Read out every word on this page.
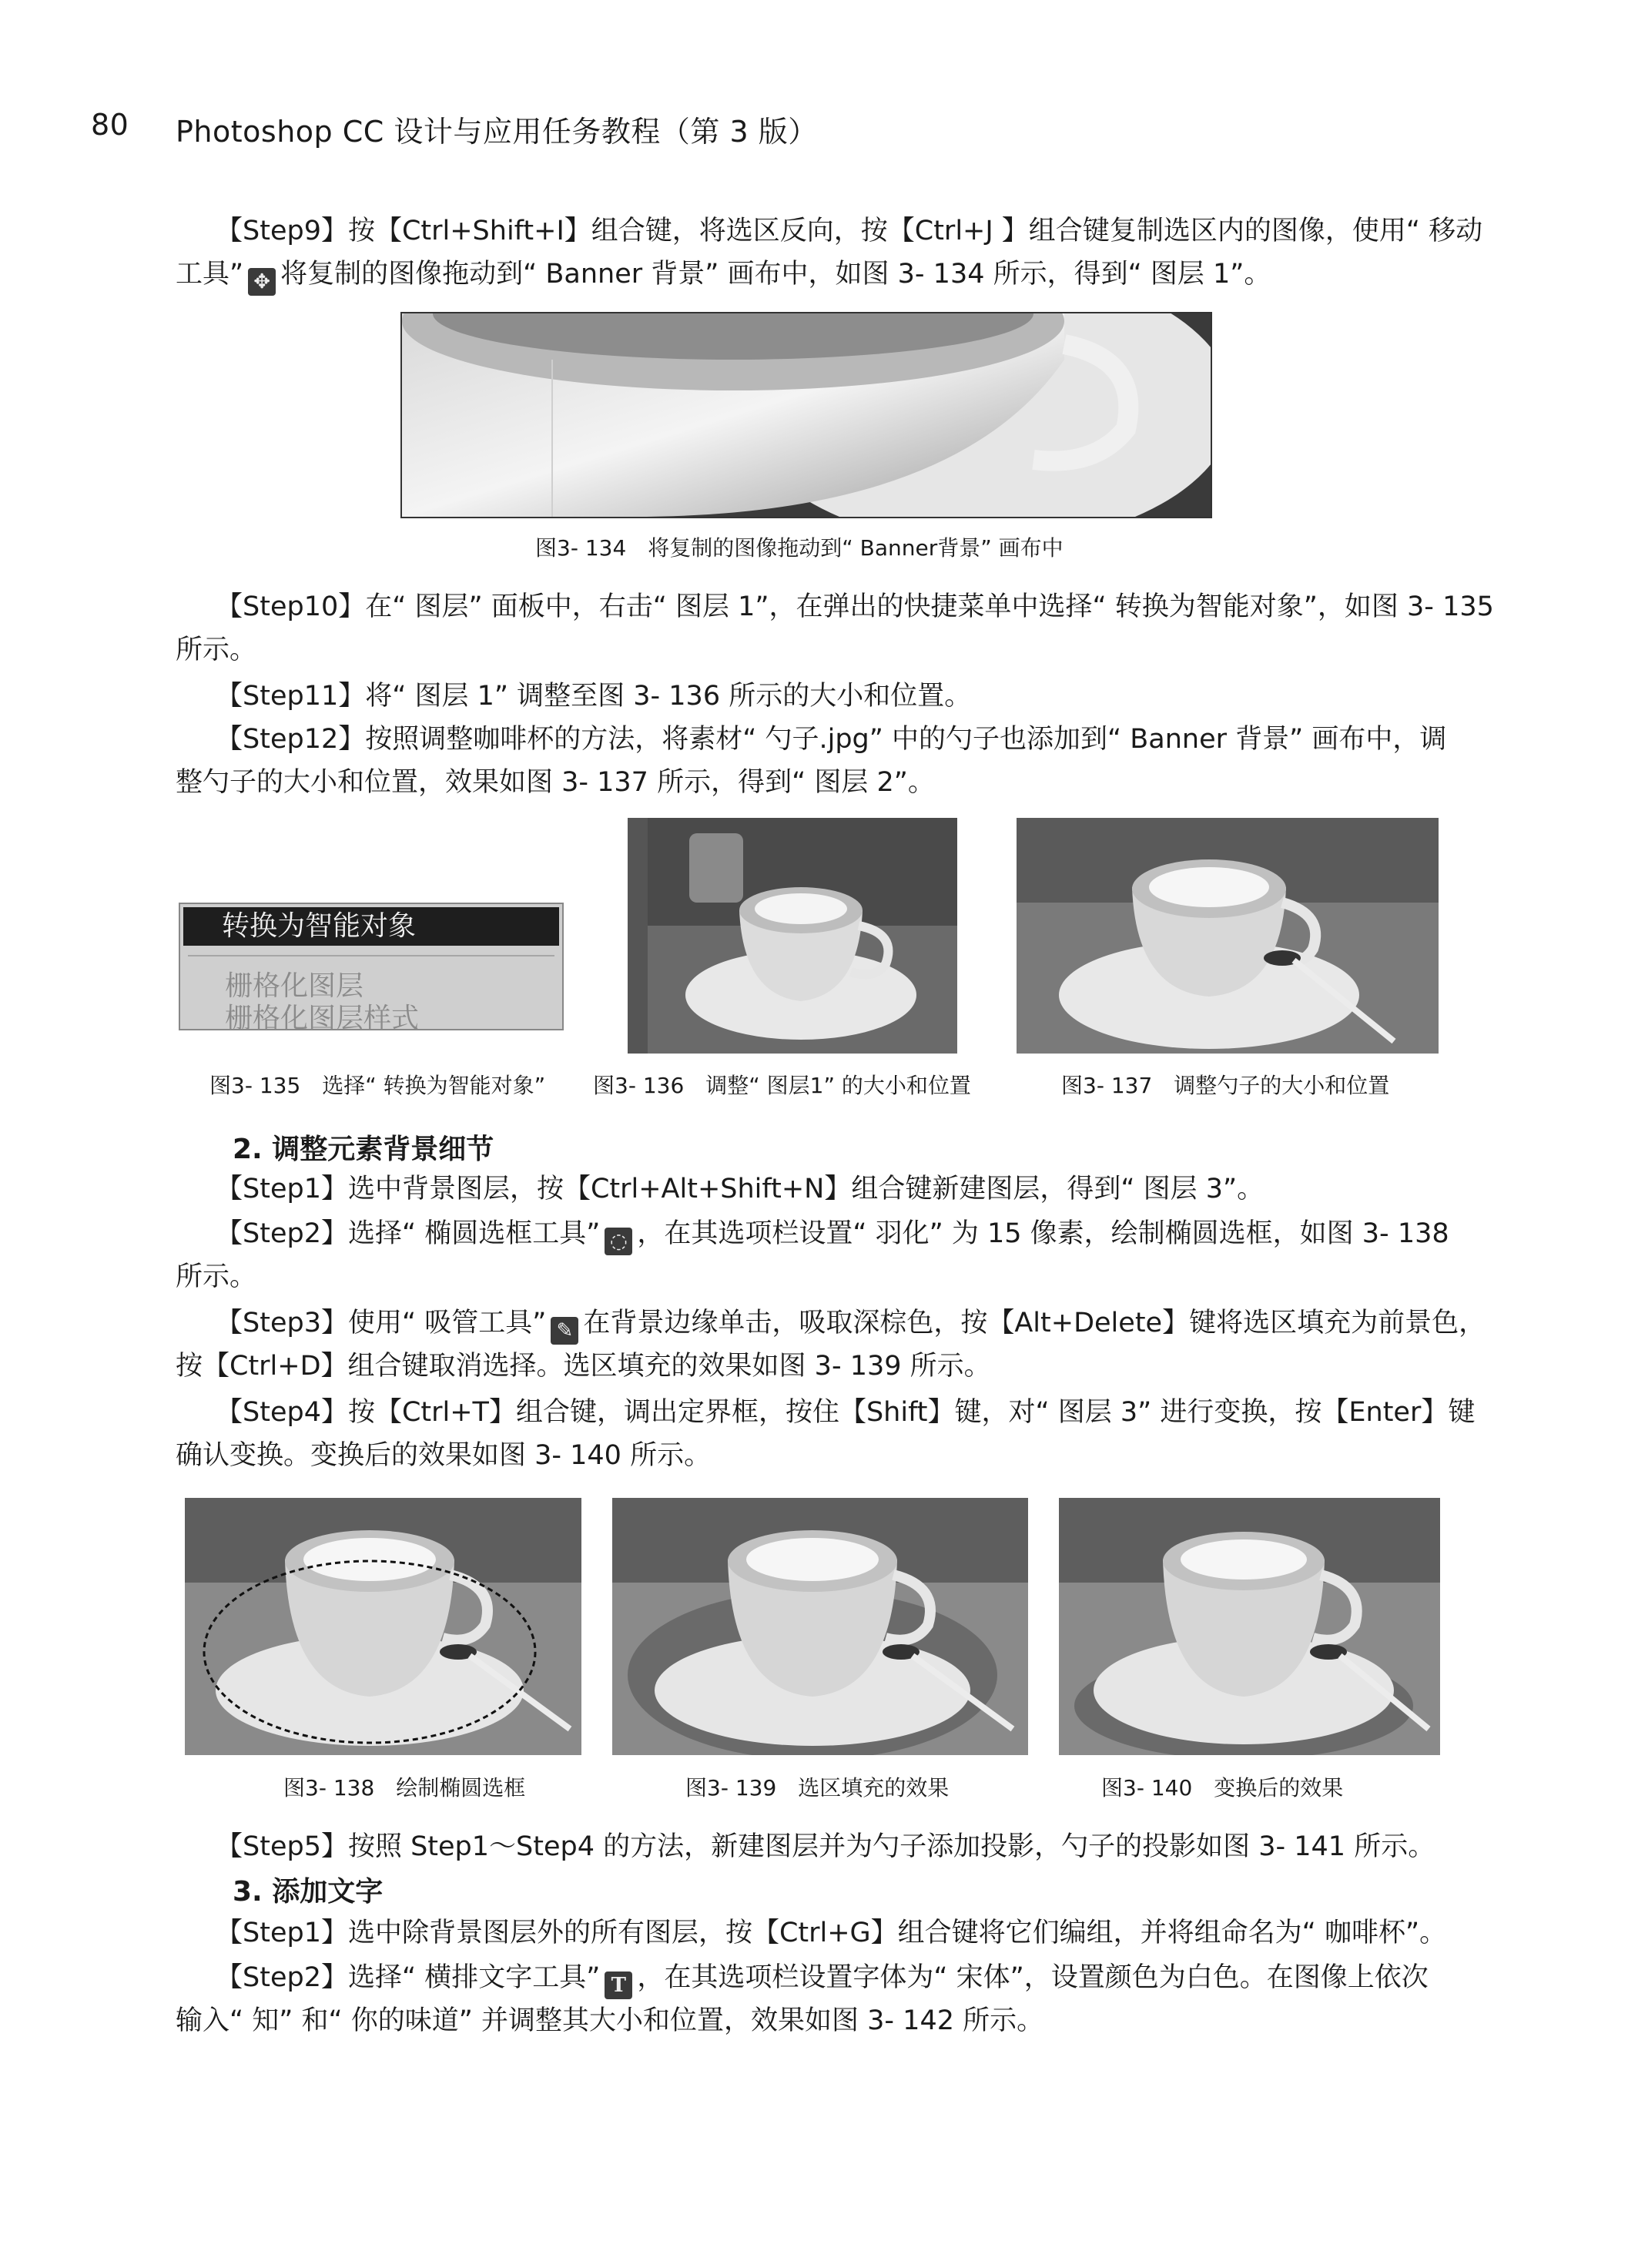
80 Photoshop CC 设计与应用任务教程（第 3 版）
【Step9】按【Ctrl+Shift+I】组合键，将选区反向，按【Ctrl+J 】组合键复制选区内的图像，使用“ 移动
工具” ✥ 将复制的图像拖动到“ Banner 背景” 画布中，如图 3- 134 所示，得到“ 图层 1”。
图3- 134　将复制的图像拖动到“ Banner背景” 画布中
【Step10】在“ 图层” 面板中，右击“ 图层 1”，在弹出的快捷菜单中选择“ 转换为智能对象”，如图 3- 135
所示。
【Step11】将“ 图层 1” 调整至图 3- 136 所示的大小和位置。
【Step12】按照调整咖啡杯的方法，将素材“ 勺子.jpg” 中的勺子也添加到“ Banner 背景” 画布中，调
整勺子的大小和位置，效果如图 3- 137 所示，得到“ 图层 2”。
转换为智能对象
栅格化图层
栅格化图层样式
图3- 135　选择“ 转换为智能对象” 图3- 136　调整“ 图层1” 的大小和位置	图3- 137　调整勺子的大小和位置
2. 调整元素背景细节
【Step1】选中背景图层，按【Ctrl+Alt+Shift+N】组合键新建图层，得到“ 图层 3”。
【Step2】选择“ 椭圆选框工具” ◌ ，在其选项栏设置“ 羽化” 为 15 像素，绘制椭圆选框，如图 3- 138
所示。
【Step3】使用“ 吸管工具” ✎ 在背景边缘单击，吸取深棕色，按【Alt+Delete】键将选区填充为前景色，
按【Ctrl+D】组合键取消选择。选区填充的效果如图 3- 139 所示。
【Step4】按【Ctrl+T】组合键，调出定界框，按住【Shift】键，对“ 图层 3” 进行变换，按【Enter】键
确认变换。变换后的效果如图 3- 140 所示。
图3- 138　绘制椭圆选框	图3- 139　选区填充的效果	图3- 140　变换后的效果
【Step5】按照 Step1～Step4 的方法，新建图层并为勺子添加投影，勺子的投影如图 3- 141 所示。
3. 添加文字
【Step1】选中除背景图层外的所有图层，按【Ctrl+G】组合键将它们编组，并将组命名为“ 咖啡杯”。
【Step2】选择“ 横排文字工具” T ，在其选项栏设置字体为“ 宋体”，设置颜色为白色。在图像上依次
输入“ 知” 和“ 你的味道” 并调整其大小和位置，效果如图 3- 142 所示。
